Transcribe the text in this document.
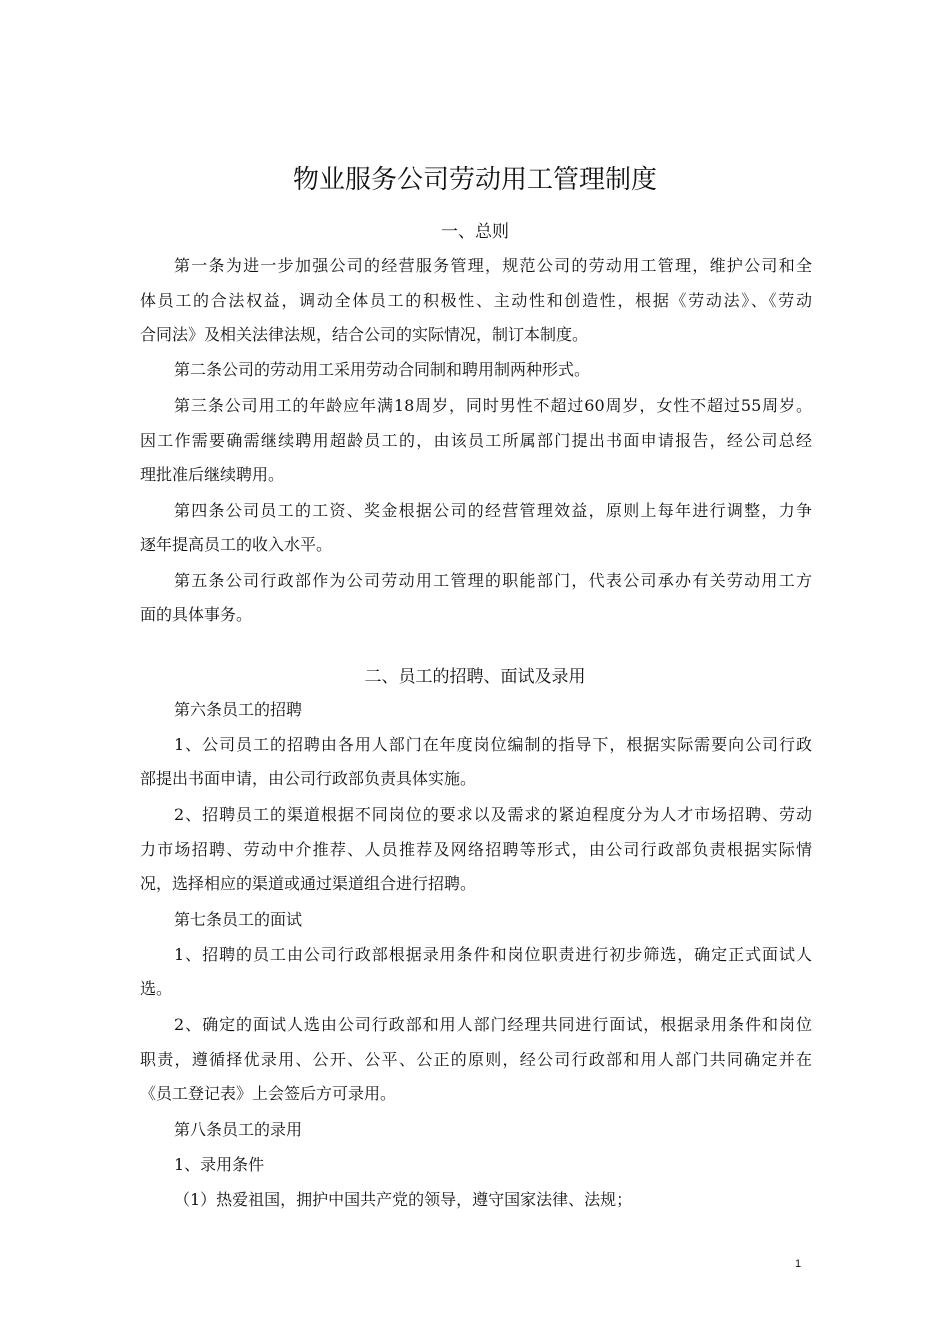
物业服务公司劳动用工管理制度
一、总则

第一条为进一步加强公司的经营服务管理，规范公司的劳动用工管理，维护公司和全

体员工的合法权益，调动全体员工的积极性、主动性和创造性，根据《劳动法》、《劳动

合同法》及相关法律法规，结合公司的实际情况，制订本制度。

第二条公司的劳动用工采用劳动合同制和聘用制两种形式。

第三条公司用工的年龄应年满18周岁，同时男性不超过60周岁，女性不超过55周岁。

因工作需要确需继续聘用超龄员工的，由该员工所属部门提出书面申请报告，经公司总经

理批准后继续聘用。

第四条公司员工的工资、奖金根据公司的经营管理效益，原则上每年进行调整，力争

逐年提高员工的收入水平。

第五条公司行政部作为公司劳动用工管理的职能部门，代表公司承办有关劳动用工方

面的具体事务。

二、员工的招聘、面试及录用

第六条员工的招聘

1、公司员工的招聘由各用人部门在年度岗位编制的指导下，根据实际需要向公司行政

部提出书面申请，由公司行政部负责具体实施。

2、招聘员工的渠道根据不同岗位的要求以及需求的紧迫程度分为人才市场招聘、劳动

力市场招聘、劳动中介推荐、人员推荐及网络招聘等形式，由公司行政部负责根据实际情

况，选择相应的渠道或通过渠道组合进行招聘。

第七条员工的面试

1、招聘的员工由公司行政部根据录用条件和岗位职责进行初步筛选，确定正式面试人

选。

2、确定的面试人选由公司行政部和用人部门经理共同进行面试，根据录用条件和岗位

职责，遵循择优录用、公开、公平、公正的原则，经公司行政部和用人部门共同确定并在

《员工登记表》上会签后方可录用。

第八条员工的录用

1、录用条件

（1）热爱祖国，拥护中国共产党的领导，遵守国家法律、法规；

1
